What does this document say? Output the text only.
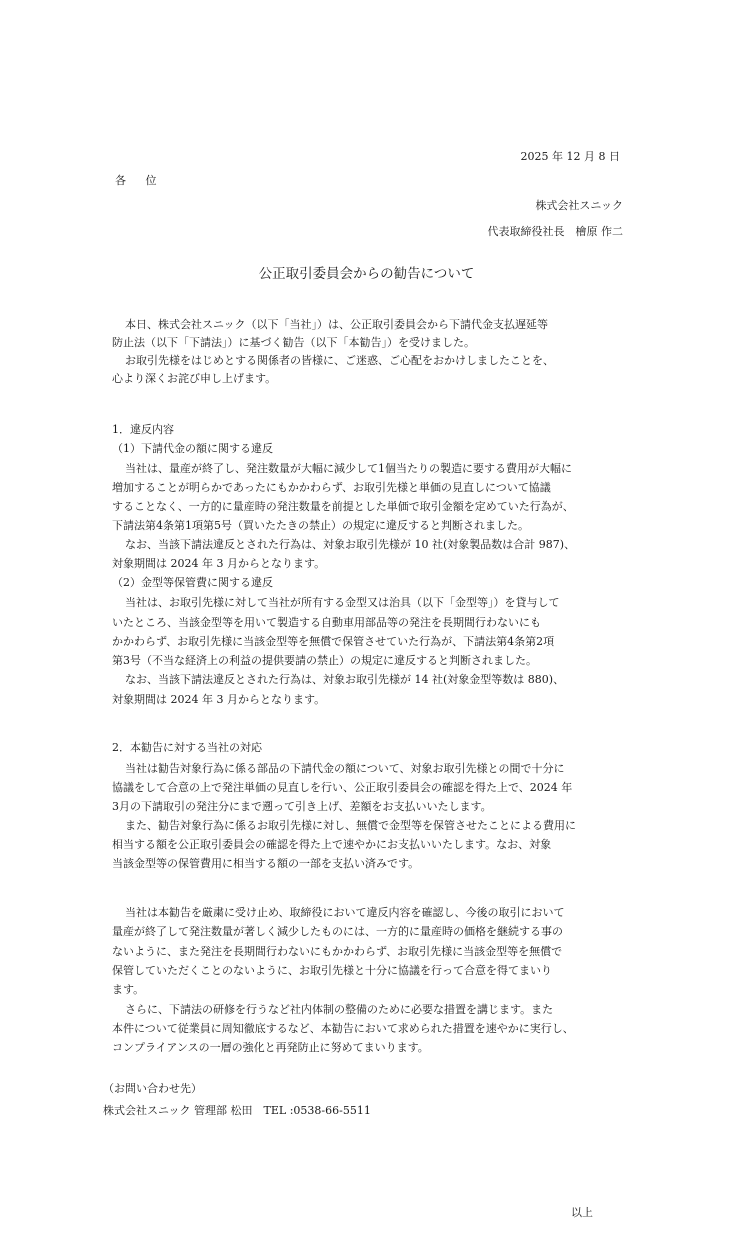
2025 年 12 月 8 日
各 位
株式会社スニック
代表取締役社長　檜原 作二
公正取引委員会からの勧告について
本日、株式会社スニック（以下「当社」）は、公正取引委員会から下請代金支払遅延等
防止法（以下「下請法」）に基づく勧告（以下「本勧告」）を受けました。
お取引先様をはじめとする関係者の皆様に、ご迷惑、ご心配をおかけしましたことを、
心より深くお詫び申し上げます。
1．違反内容
（1）下請代金の額に関する違反
当社は、量産が終了し、発注数量が大幅に減少して1個当たりの製造に要する費用が大幅に
増加することが明らかであったにもかかわらず、お取引先様と単価の見直しについて協議
することなく、一方的に量産時の発注数量を前提とした単価で取引金額を定めていた行為が、
下請法第4条第1項第5号（買いたたきの禁止）の規定に違反すると判断されました。
なお、当該下請法違反とされた行為は、対象お取引先様が 10 社(対象製品数は合計 987)、
対象期間は 2024 年 3 月からとなります。
（2）金型等保管費に関する違反
当社は、お取引先様に対して当社が所有する金型又は治具（以下「金型等」）を貸与して
いたところ、当該金型等を用いて製造する自動車用部品等の発注を長期間行わないにも
かかわらず、お取引先様に当該金型等を無償で保管させていた行為が、下請法第4条第2項
第3号（不当な経済上の利益の提供要請の禁止）の規定に違反すると判断されました。
なお、当該下請法違反とされた行為は、対象お取引先様が 14 社(対象金型等数は 880)、
対象期間は 2024 年 3 月からとなります。
2．本勧告に対する当社の対応
当社は勧告対象行為に係る部品の下請代金の額について、対象お取引先様との間で十分に
協議をして合意の上で発注単価の見直しを行い、公正取引委員会の確認を得た上で、2024 年
3月の下請取引の発注分にまで遡って引き上げ、差額をお支払いいたします。
また、勧告対象行為に係るお取引先様に対し、無償で金型等を保管させたことによる費用に
相当する額を公正取引委員会の確認を得た上で速やかにお支払いいたします。なお、対象
当該金型等の保管費用に相当する額の一部を支払い済みです。
当社は本勧告を厳粛に受け止め、取締役において違反内容を確認し、今後の取引において
量産が終了して発注数量が著しく減少したものには、一方的に量産時の価格を継続する事の
ないように、また発注を長期間行わないにもかかわらず、お取引先様に当該金型等を無償で
保管していただくことのないように、お取引先様と十分に協議を行って合意を得てまいり
ます。
さらに、下請法の研修を行うなど社内体制の整備のために必要な措置を講じます。また
本件について従業員に周知徹底するなど、本勧告において求められた措置を速やかに実行し、
コンプライアンスの一層の強化と再発防止に努めてまいります。
（お問い合わせ先）
株式会社スニック 管理部 松田　TEL :0538-66-5511
以上
